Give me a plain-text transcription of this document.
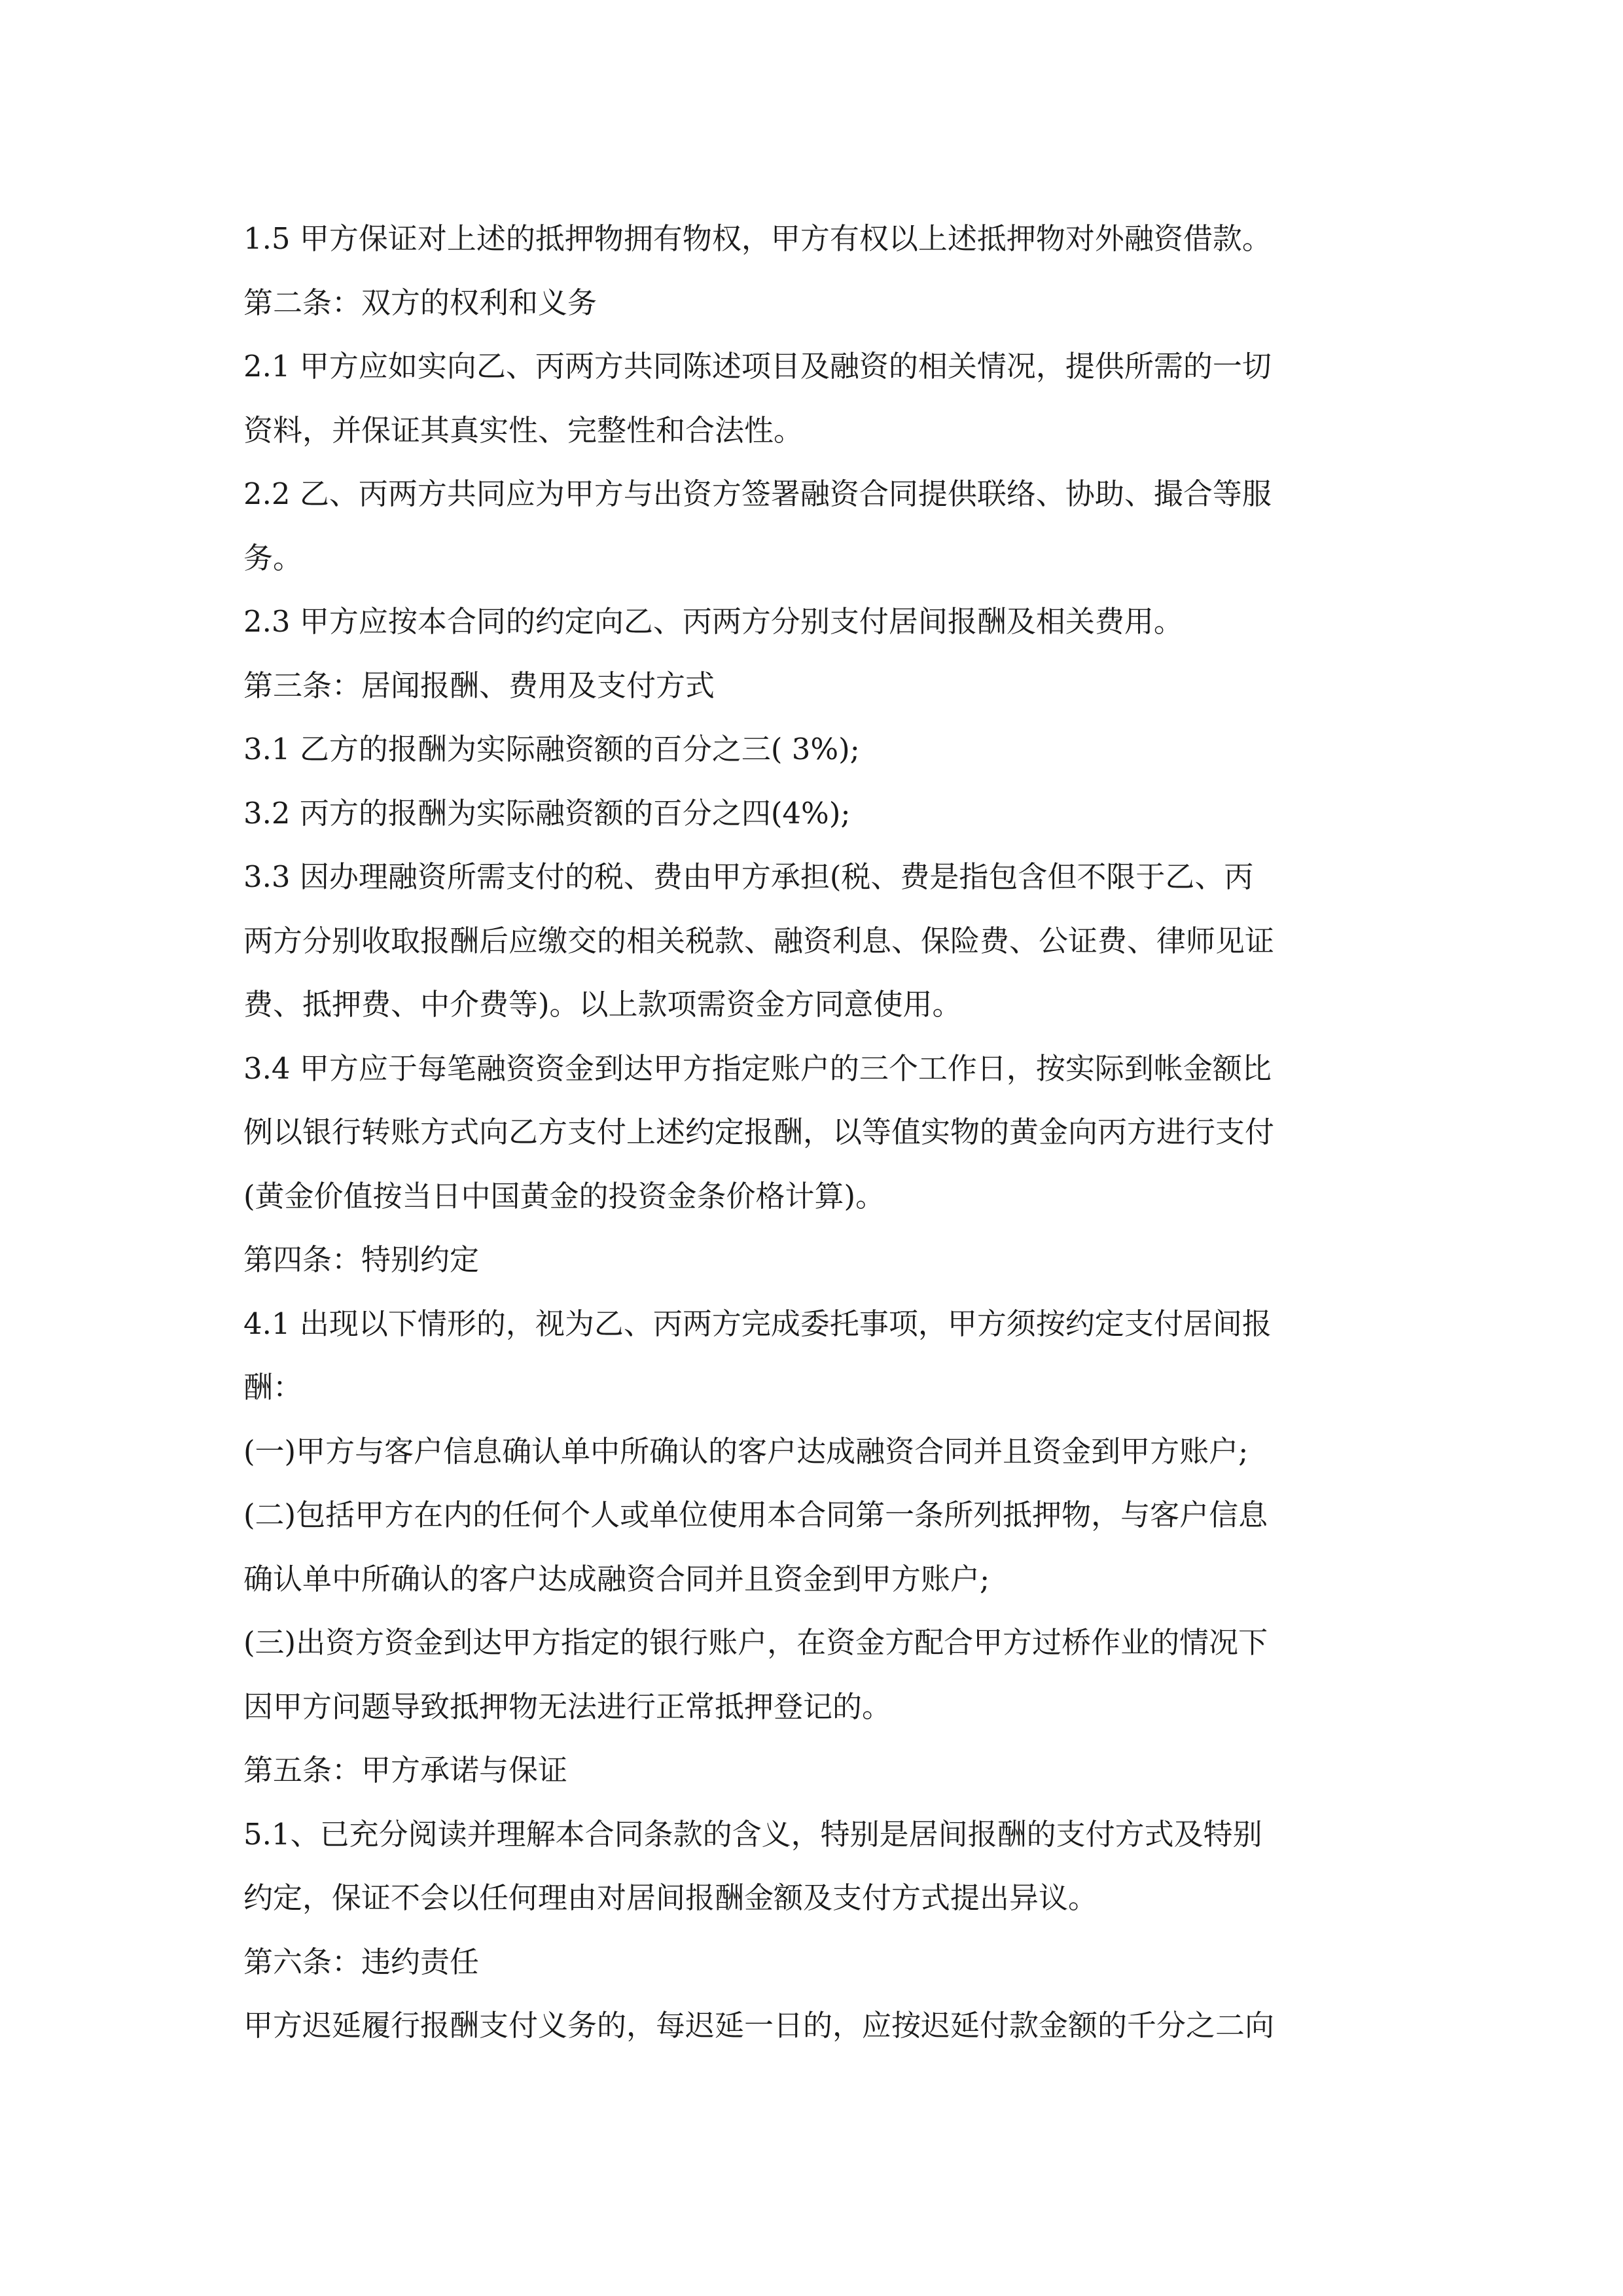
1.5 甲方保证对上述的抵押物拥有物权，甲方有权以上述抵押物对外融资借款。
第二条：双方的权利和义务
2.1 甲方应如实向乙、丙两方共同陈述项目及融资的相关情况，提供所需的一切
资料，并保证其真实性、完整性和合法性。
2.2 乙、丙两方共同应为甲方与出资方签署融资合同提供联络、协助、撮合等服
务。
2.3 甲方应按本合同的约定向乙、丙两方分别支付居间报酬及相关费用。
第三条：居闻报酬、费用及支付方式
3.1 乙方的报酬为实际融资额的百分之三( 3%);
3.2 丙方的报酬为实际融资额的百分之四(4%);
3.3 因办理融资所需支付的税、费由甲方承担(税、费是指包含但不限于乙、丙
两方分别收取报酬后应缴交的相关税款、融资利息、保险费、公证费、律师见证
费、抵押费、中介费等)。以上款项需资金方同意使用。
3.4 甲方应于每笔融资资金到达甲方指定账户的三个工作日，按实际到帐金额比
例以银行转账方式向乙方支付上述约定报酬，以等值实物的黄金向丙方进行支付
(黄金价值按当日中国黄金的投资金条价格计算)。
第四条：特别约定
4.1 出现以下情形的，视为乙、丙两方完成委托事项，甲方须按约定支付居间报
酬：
(一)甲方与客户信息确认单中所确认的客户达成融资合同并且资金到甲方账户;
(二)包括甲方在内的任何个人或单位使用本合同第一条所列抵押物，与客户信息
确认单中所确认的客户达成融资合同并且资金到甲方账户;
(三)出资方资金到达甲方指定的银行账户，在资金方配合甲方过桥作业的情况下
因甲方问题导致抵押物无法进行正常抵押登记的。
第五条：甲方承诺与保证
5.1、已充分阅读并理解本合同条款的含义，特别是居间报酬的支付方式及特别
约定，保证不会以任何理由对居间报酬金额及支付方式提出异议。
第六条：违约责任
甲方迟延履行报酬支付义务的，每迟延一日的，应按迟延付款金额的千分之二向
